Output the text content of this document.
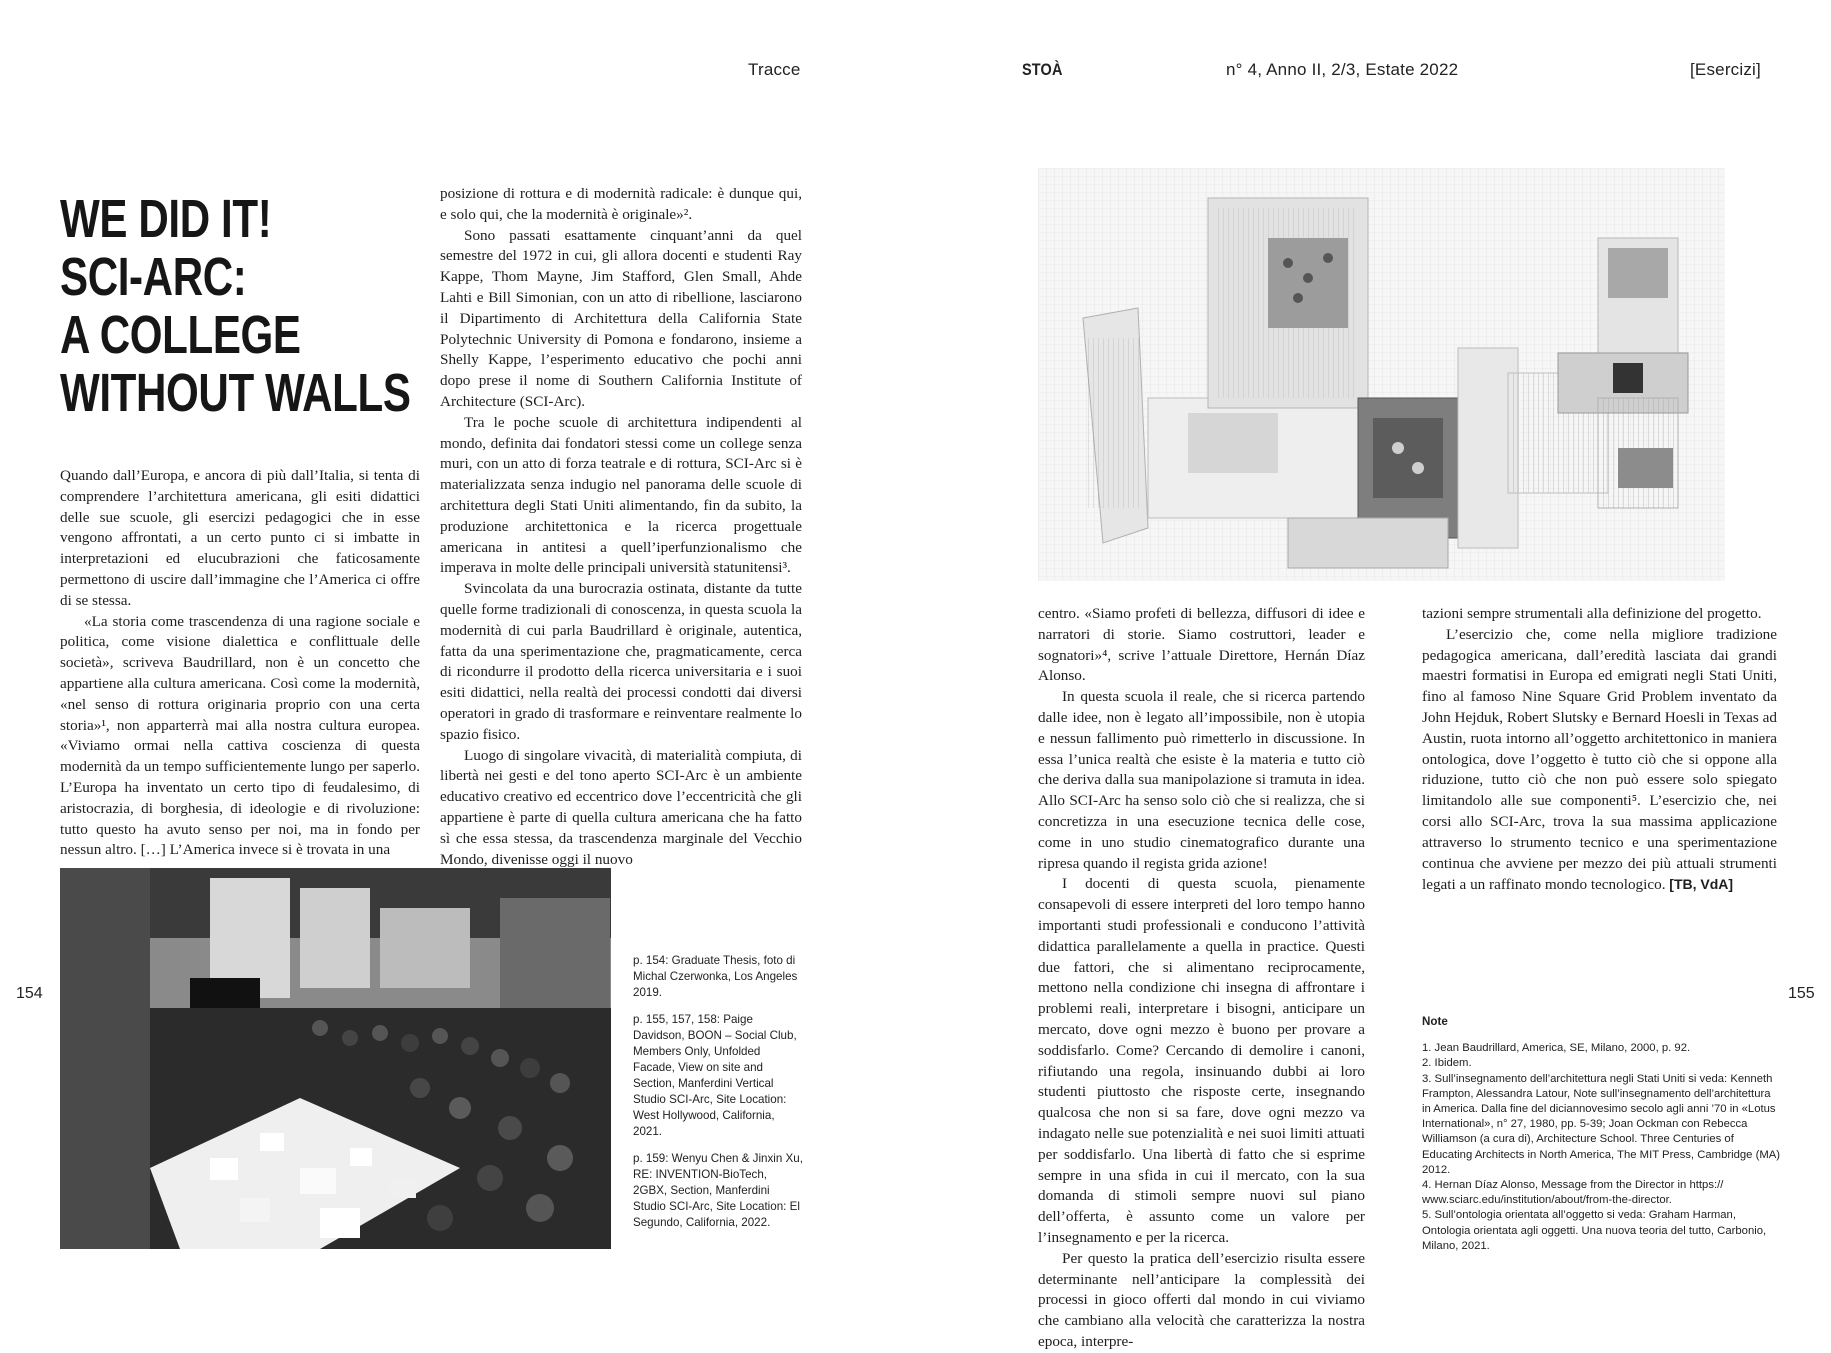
Tracce	STOÀ	n° 4, Anno II, 2/3, Estate 2022	[Esercizi]
WE DID IT!
SCI-ARC:
A COLLEGE
WITHOUT WALLS

Quando dall’Europa, e ancora di più dall’Italia, si tenta di comprendere l’architettura americana, gli esiti didattici delle sue scuole, gli esercizi pedagogici che in esse vengono affrontati, a un certo punto ci si imbatte in interpretazioni ed elucubrazioni che faticosamente permettono di uscire dall’immagine che l’America ci offre di se stessa.

«La storia come trascendenza di una ragione sociale e politica, come visione dialettica e conflittuale delle società», scriveva Baudrillard, non è un concetto che appartiene alla cultura americana. Così come la modernità, «nel senso di rottura originaria proprio con una certa storia»¹, non apparterrà mai alla nostra cultura europea. «Viviamo ormai nella cattiva coscienza di questa modernità da un tempo sufficientemente lungo per saperlo. L’Europa ha inventato un certo tipo di feudalesimo, di aristocrazia, di borghesia, di ideologie e di rivoluzione: tutto questo ha avuto senso per noi, ma in fondo per nessun altro. […] L’America invece si è trovata in una

posizione di rottura e di modernità radicale: è dunque qui, e solo qui, che la modernità è originale»².

Sono passati esattamente cinquant’anni da quel semestre del 1972 in cui, gli allora docenti e studenti Ray Kappe, Thom Mayne, Jim Stafford, Glen Small, Ahde Lahti e Bill Simonian, con un atto di ribellione, lasciarono il Dipartimento di Architettura della California State Polytechnic University di Pomona e fondarono, insieme a Shelly Kappe, l’esperimento educativo che pochi anni dopo prese il nome di Southern California Institute of Architecture (SCI-Arc).

Tra le poche scuole di architettura indipendenti al mondo, definita dai fondatori stessi come un college senza muri, con un atto di forza teatrale e di rottura, SCI-Arc si è materializzata senza indugio nel panorama delle scuole di architettura degli Stati Uniti alimentando, fin da subito, la produzione architettonica e la ricerca progettuale americana in antitesi a quell’iperfunzionalismo che imperava in molte delle principali università statunitensi³.

Svincolata da una burocrazia ostinata, distante da tutte quelle forme tradizionali di conoscenza, in questa scuola la modernità di cui parla Baudrillard è originale, autentica, fatta da una sperimentazione che, pragmaticamente, cerca di ricondurre il prodotto della ricerca universitaria e i suoi esiti didattici, nella realtà dei processi condotti dai diversi operatori in grado di trasformare e reinventare realmente lo spazio fisico.

Luogo di singolare vivacità, di materialità compiuta, di libertà nei gesti e del tono aperto SCI-Arc è un ambiente educativo creativo ed eccentrico dove l’eccentricità che gli appartiene è parte di quella cultura americana che ha fatto sì che essa stessa, da trascendenza marginale del Vecchio Mondo, divenisse oggi il nuovo

p. 154: Graduate Thesis, foto di Michal Czerwonka, Los Angeles 2019.

p. 155, 157, 158: Paige Davidson, BOON – Social Club, Members Only, Unfolded Facade, View on site and Section, Manferdini Vertical Studio SCI-Arc, Site Location: West Hollywood, California, 2021.

p. 159: Wenyu Chen & Jinxin Xu, RE: INVENTION-BioTech, 2GBX, Section, Manferdini Studio SCI-Arc, Site Location: El Segundo, California, 2022.

154	155

centro. «Siamo profeti di bellezza, diffusori di idee e narratori di storie. Siamo costruttori, leader e sognatori»⁴, scrive l’attuale Direttore, Hernán Díaz Alonso.

In questa scuola il reale, che si ricerca partendo dalle idee, non è legato all’impossibile, non è utopia e nessun fallimento può rimetterlo in discussione. In essa l’unica realtà che esiste è la materia e tutto ciò che deriva dalla sua manipolazione si tramuta in idea. Allo SCI-Arc ha senso solo ciò che si realizza, che si concretizza in una esecuzione tecnica delle cose, come in uno studio cinematografico durante una ripresa quando il regista grida azione!

I docenti di questa scuola, pienamente consapevoli di essere interpreti del loro tempo hanno importanti studi professionali e conducono l’attività didattica parallelamente a quella in practice. Questi due fattori, che si alimentano reciprocamente, mettono nella condizione chi insegna di affrontare i problemi reali, interpretare i bisogni, anticipare un mercato, dove ogni mezzo è buono per provare a soddisfarlo. Come? Cercando di demolire i canoni, rifiutando una regola, insinuando dubbi ai loro studenti piuttosto che risposte certe, insegnando qualcosa che non si sa fare, dove ogni mezzo va indagato nelle sue potenzialità e nei suoi limiti attuati per soddisfarlo. Una libertà di fatto che si esprime sempre in una sfida in cui il mercato, con la sua domanda di stimoli sempre nuovi sul piano dell’offerta, è assunto come un valore per l’insegnamento e per la ricerca.

Per questo la pratica dell’esercizio risulta essere determinante nell’anticipare la complessità dei processi in gioco offerti dal mondo in cui viviamo che cambiano alla velocità che caratterizza la nostra epoca, interpre-

tazioni sempre strumentali alla definizione del progetto.

L’esercizio che, come nella migliore tradizione pedagogica americana, dall’eredità lasciata dai grandi maestri formatisi in Europa ed emigrati negli Stati Uniti, fino al famoso Nine Square Grid Problem inventato da John Hejduk, Robert Slutsky e Bernard Hoesli in Texas ad Austin, ruota intorno all’oggetto architettonico in maniera ontologica, dove l’oggetto è tutto ciò che si oppone alla riduzione, tutto ciò che non può essere solo spiegato limitandolo alle sue componenti⁵. L’esercizio che, nei corsi allo SCI-Arc, trova la sua massima applicazione attraverso lo strumento tecnico e una sperimentazione continua che avviene per mezzo dei più attuali strumenti legati a un raffinato mondo tecnologico. [TB, VdA]

Note

1. Jean Baudrillard, America, SE, Milano, 2000, p. 92.

2. Ibidem.

3. Sull’insegnamento dell’architettura negli Stati Uniti si veda: Kenneth Frampton, Alessandra Latour, Note sull’insegnamento dell’architettura in America. Dalla fine del diciannovesimo secolo agli anni ’70 in «Lotus International», n° 27, 1980, pp. 5-39; Joan Ockman con Rebecca Williamson (a cura di), Architecture School. Three Centuries of Educating Architects in North America, The MIT Press, Cambridge (MA) 2012.

4. Hernan Díaz Alonso, Message from the Director in https:// www.sciarc.edu/institution/about/from-the-director.

5. Sull’ontologia orientata all’oggetto si veda: Graham Harman, Ontologia orientata agli oggetti. Una nuova teoria del tutto, Carbonio, Milano, 2021.
